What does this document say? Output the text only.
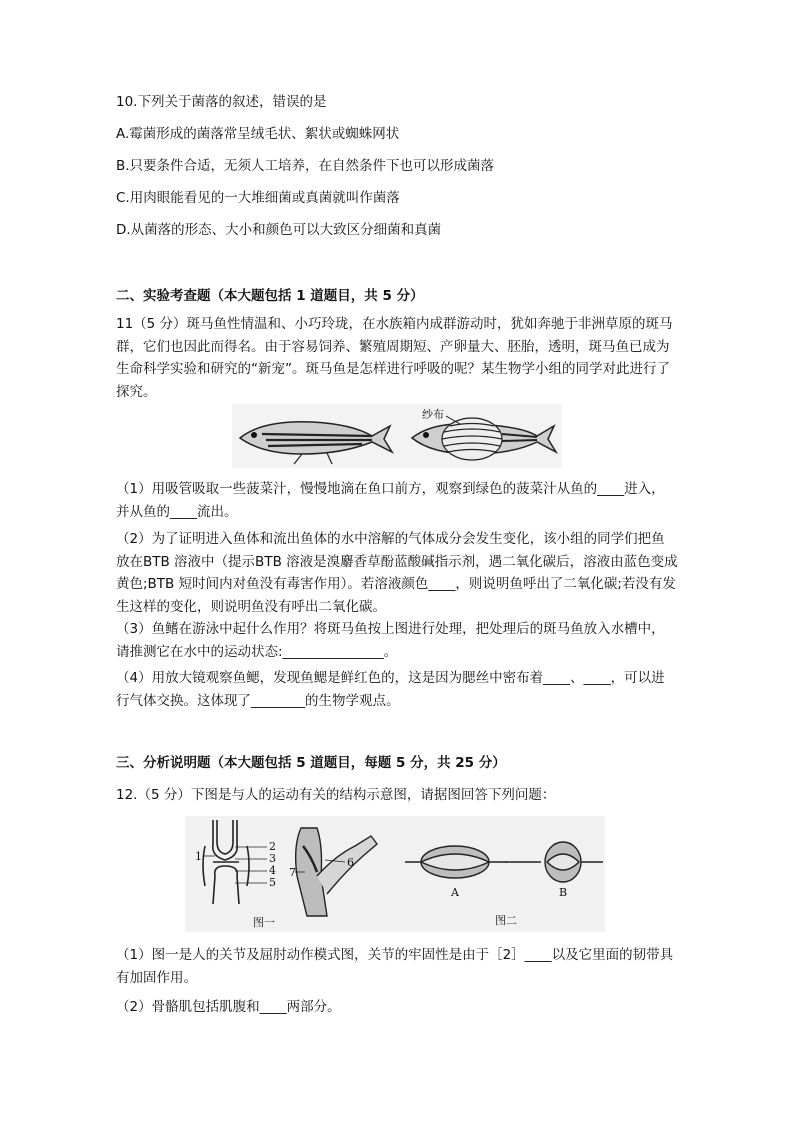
10.下列关于菌落的叙述，错误的是
A.霉菌形成的菌落常呈绒毛状、絮状或蜘蛛网状
B.只要条件合适，无须人工培养，在自然条件下也可以形成菌落
C.用肉眼能看见的一大堆细菌或真菌就叫作菌落
D.从菌落的形态、大小和颜色可以大致区分细菌和真菌
二、实验考查题（本大题包括 1 道题目，共 5 分）
11（5 分）斑马鱼性情温和、小巧玲珑，在水族箱内成群游动时，犹如奔驰于非洲草原的斑马群，它们也因此而得名。由于容易饲养、繁殖周期短、产卵量大、胚胎，透明，斑马鱼已成为生命科学实验和研究的“新宠”。斑马鱼是怎样进行呼吸的呢？某生物学小组的同学对此进行了探究。
纱布
（1）用吸管吸取一些菠菜汁，慢慢地滴在鱼口前方，观察到绿色的菠菜汁从鱼的____进入，并从鱼的____流出。
（2）为了证明进入鱼体和流出鱼体的水中溶解的气体成分会发生变化，该小组的同学们把鱼放在BTB 溶液中（提示BTB 溶液是溴麝香草酚蓝酸碱指示剂，遇二氧化碳后，溶液由蓝色变成黄色;BTB 短时间内对鱼没有毒害作用）。若溶液颜色____，则说明鱼呼出了二氧化碳;若没有发生这样的变化，则说明鱼没有呼出二氧化碳。
（3）鱼鳍在游泳中起什么作用？将斑马鱼按上图进行处理，把处理后的斑马鱼放入水槽中，请推测它在水中的运动状态:_______________。
（4）用放大镜观察鱼鳃，发现鱼鳃是鲜红色的，这是因为腮丝中密布着____、____，可以进行气体交换。这体现了________的生物学观点。
三、分析说明题（本大题包括 5 道题目，每题 5 分，共 25 分）
12.（5 分）下图是与人的运动有关的结构示意图，请据图回答下列问题：
1
2
3
4
5
6
7
图一
A	B
图二
（1）图一是人的关节及屈肘动作模式图，关节的牢固性是由于［2］____以及它里面的韧带具有加固作用。
（2）骨骼肌包括肌腹和____两部分。
